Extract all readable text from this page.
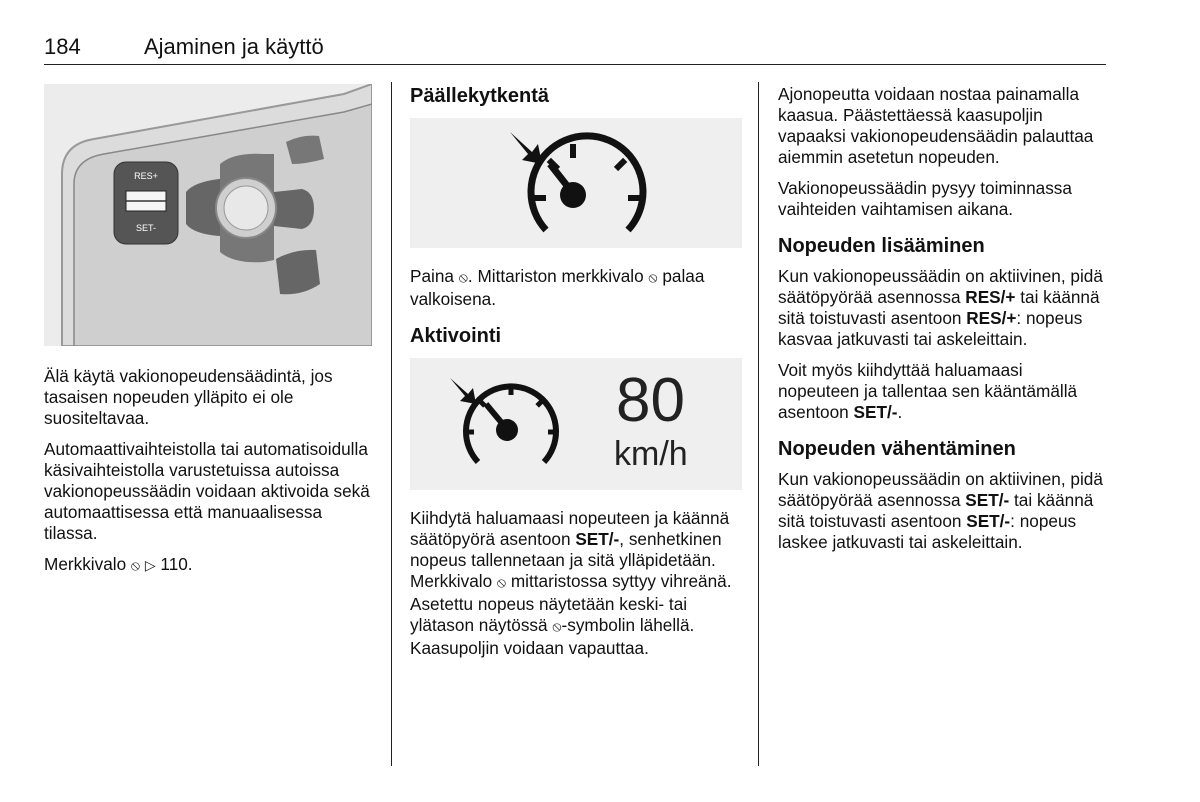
184	Ajaminen ja käyttö
RES+
SET-

Älä käytä vakionopeudensäädintä, jos tasaisen nopeuden ylläpito ei ole suositeltavaa.

Automaattivaihteistolla tai automatisoidulla käsivaihteistolla varustetuissa autoissa vakionopeussäädin voidaan aktivoida sekä automaattisessa että manuaalisessa tilassa.

Merkkivalo ⦸ ▷ 110.

Päällekytkentä

Paina ⦸. Mittariston merkkivalo ⦸ palaa valkoisena.

Aktivointi
80
km/h

Kiihdytä haluamaasi nopeuteen ja käännä säätöpyörä asentoon SET/-, senhetkinen nopeus tallennetaan ja sitä ylläpidetään. Merkkivalo ⦸ mittaristossa syttyy vihreänä. Asetettu nopeus näytetään keski- tai ylätason näytössä ⦸-symbolin lähellä. Kaasupoljin voidaan vapauttaa.

Ajonopeutta voidaan nostaa painamalla kaasua. Päästettäessä kaasupoljin vapaaksi vakionopeudensäädin palauttaa aiemmin asetetun nopeuden.

Vakionopeussäädin pysyy toiminnassa vaihteiden vaihtamisen aikana.

Nopeuden lisääminen

Kun vakionopeussäädin on aktiivinen, pidä säätöpyörää asennossa RES/+ tai käännä sitä toistuvasti asentoon RES/+: nopeus kasvaa jatkuvasti tai askeleittain.

Voit myös kiihdyttää haluamaasi nopeuteen ja tallentaa sen kääntämällä asentoon SET/-.

Nopeuden vähentäminen

Kun vakionopeussäädin on aktiivinen, pidä säätöpyörää asennossa SET/- tai käännä sitä toistuvasti asentoon SET/-: nopeus laskee jatkuvasti tai askeleittain.
